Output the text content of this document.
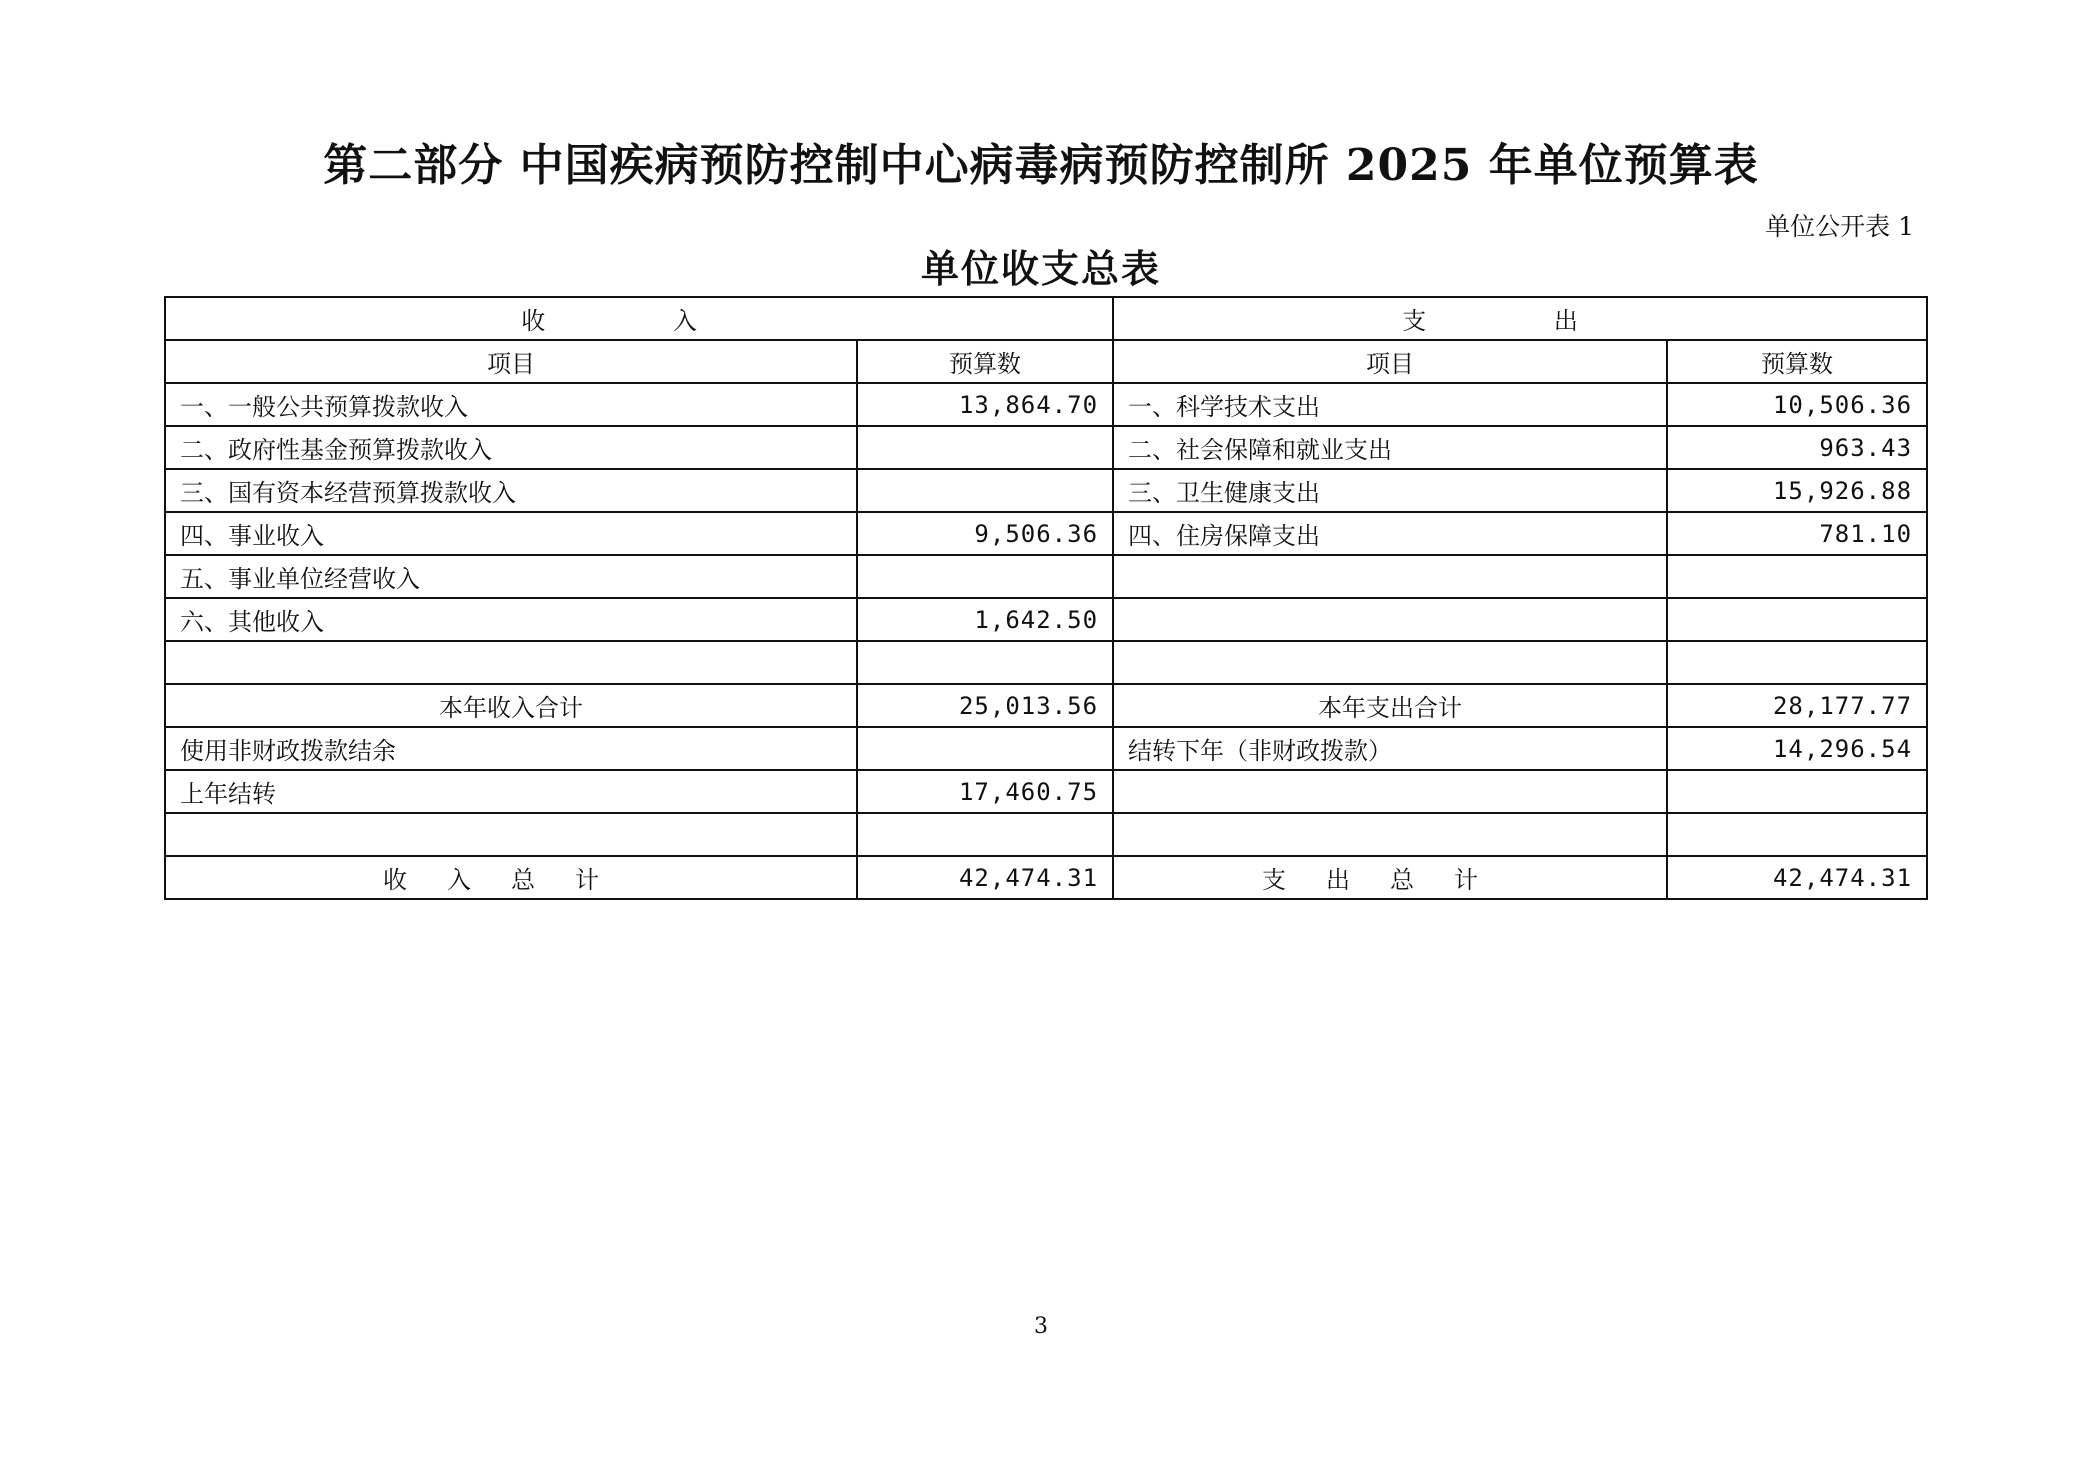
第二部分 中国疾病预防控制中心病毒病预防控制所 2025 年单位预算表
单位公开表 1
单位收支总表
收 入		支 出	
项目	预算数	项目	预算数
一、一般公共预算拨款收入	13,864.70	一、科学技术支出	10,506.36
二、政府性基金预算拨款收入		二、社会保障和就业支出	963.43
三、国有资本经营预算拨款收入		三、卫生健康支出	15,926.88
四、事业收入	9,506.36	四、住房保障支出	781.10
五、事业单位经营收入			
六、其他收入	1,642.50		

本年收入合计	25,013.56	本年支出合计	28,177.77
使用非财政拨款结余		结转下年（非财政拨款）	14,296.54
上年结转	17,460.75		

收入总计	42,474.31	支出总计	42,474.31
3
